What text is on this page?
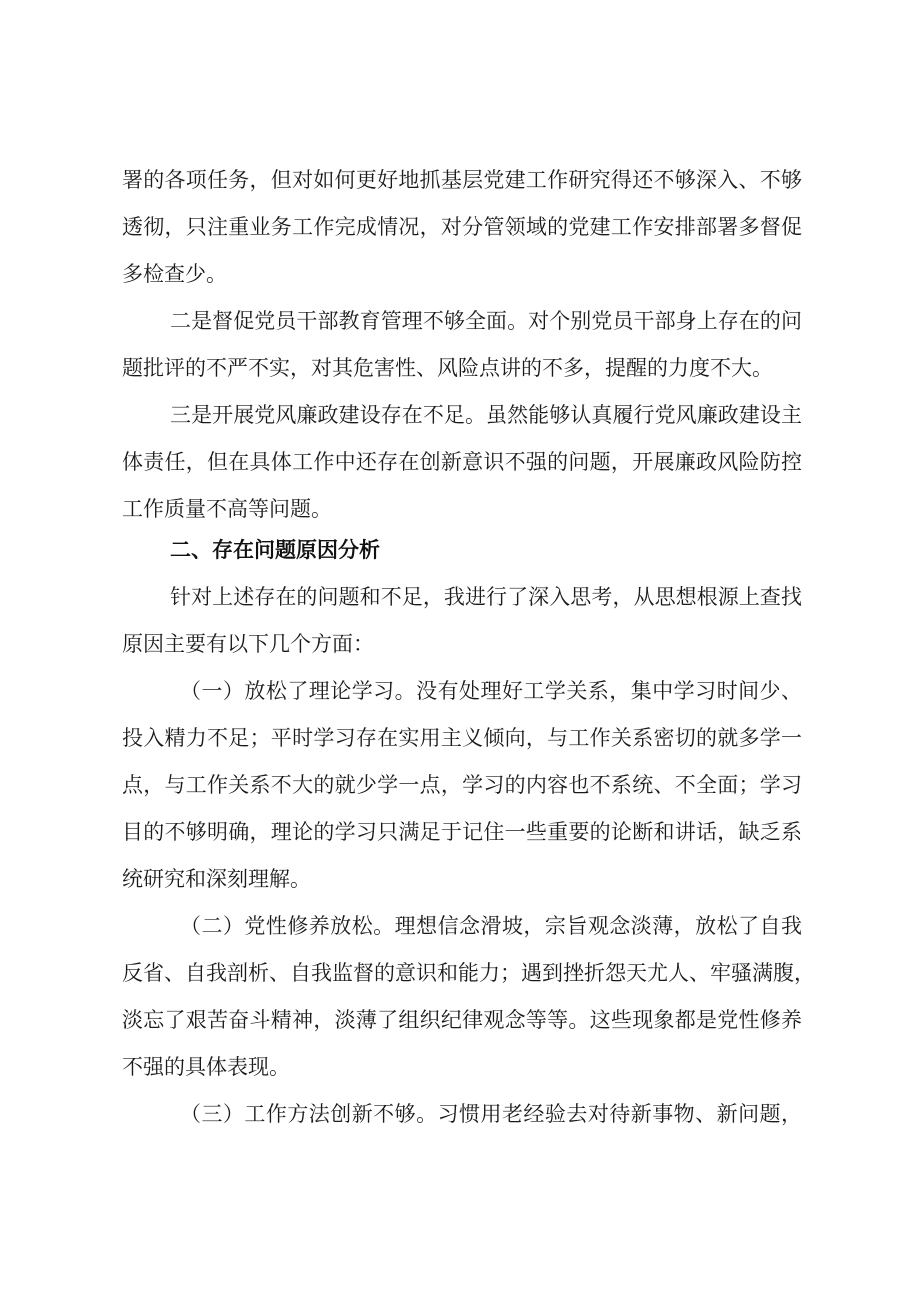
署的各项任务，但对如何更好地抓基层党建工作研究得还不够深入、不够
透彻，只注重业务工作完成情况，对分管领域的党建工作安排部署多督促
多检查少。
二是督促党员干部教育管理不够全面。对个别党员干部身上存在的问
题批评的不严不实，对其危害性、风险点讲的不多，提醒的力度不大。
三是开展党风廉政建设存在不足。虽然能够认真履行党风廉政建设主
体责任，但在具体工作中还存在创新意识不强的问题，开展廉政风险防控
工作质量不高等问题。
二、存在问题原因分析
针对上述存在的问题和不足，我进行了深入思考，从思想根源上查找
原因主要有以下几个方面：
（一）放松了理论学习。没有处理好工学关系，集中学习时间少、
投入精力不足；平时学习存在实用主义倾向，与工作关系密切的就多学一
点，与工作关系不大的就少学一点，学习的内容也不系统、不全面；学习
目的不够明确，理论的学习只满足于记住一些重要的论断和讲话，缺乏系
统研究和深刻理解。
（二）党性修养放松。理想信念滑坡，宗旨观念淡薄，放松了自我
反省、自我剖析、自我监督的意识和能力；遇到挫折怨天尤人、牢骚满腹，
淡忘了艰苦奋斗精神，淡薄了组织纪律观念等等。这些现象都是党性修养
不强的具体表现。
（三）工作方法创新不够。习惯用老经验去对待新事物、新问题，
